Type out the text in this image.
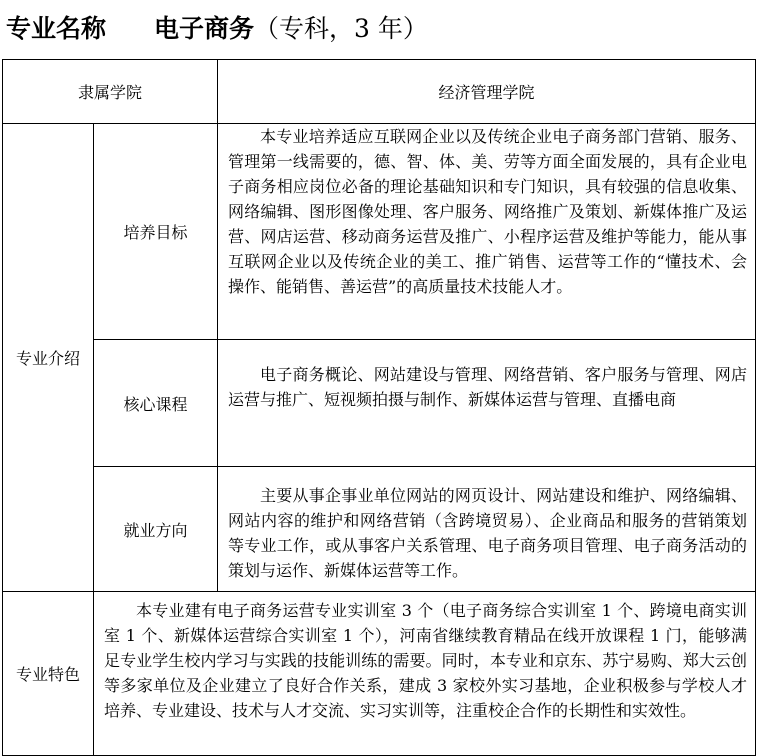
专业名称 电子商务（专科，3 年）
隶属学院		经济管理学院
专业介绍	培养目标	本专业培养适应互联网企业以及传统企业电子商务部门营销、服务、管理第一线需要的，德、智、体、美、劳等方面全面发展的，具有企业电子商务相应岗位必备的理论基础知识和专门知识，具有较强的信息收集、网络编辑、图形图像处理、客户服务、网络推广及策划、新媒体推广及运营、网店运营、移动商务运营及推广、小程序运营及维护等能力，能从事互联网企业以及传统企业的美工、推广销售、运营等工作的“懂技术、会操作、能销售、善运营”的高质量技术技能人才。

	核心课程	电子商务概论、网站建设与管理、网络营销、客户服务与管理、网店运营与推广、短视频拍摄与制作、新媒体运营与管理、直播电商

	就业方向	主要从事企事业单位网站的网页设计、网站建设和维护、网络编辑、网站内容的维护和网络营销（含跨境贸易）、企业商品和服务的营销策划等专业工作，或从事客户关系管理、电子商务项目管理、电子商务活动的策划与运作、新媒体运营等工作。

专业特色	本专业建有电子商务运营专业实训室 3 个（电子商务综合实训室 1 个、跨境电商实训室 1 个、新媒体运营综合实训室 1 个），河南省继续教育精品在线开放课程 1 门，能够满足专业学生校内学习与实践的技能训练的需要。同时，本专业和京东、苏宁易购、郑大云创等多家单位及企业建立了良好合作关系，建成 3 家校外实习基地，企业积极参与学校人才培养、专业建设、技术与人才交流、实习实训等，注重校企合作的长期性和实效性。	
